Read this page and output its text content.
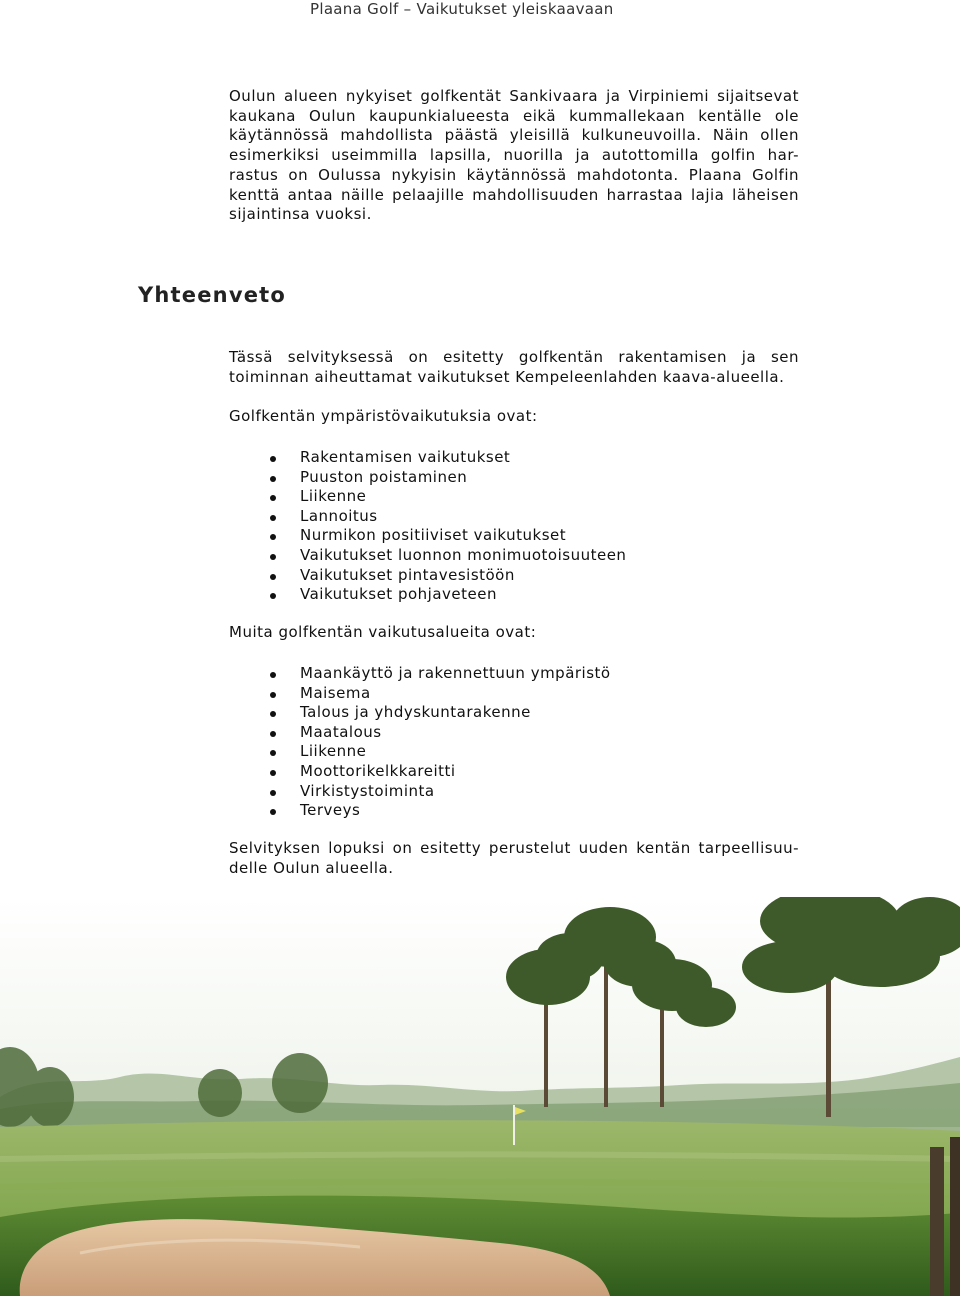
Plaana Golf – Vaikutukset yleiskaavaan

Oulun alueen nykyiset golfkentät Sankivaara ja Virpiniemi sijaitsevat kaukana Oulun kaupunkialueesta eikä kummallekaan kentälle ole käytännössä mahdollista päästä yleisillä kulkuneuvoilla. Näin ollen esimerkiksi useimmilla lapsilla, nuorilla ja autottomilla golfin har-rastus on Oulussa nykyisin käytännössä mahdotonta. Plaana Golfin kenttä antaa näille pelaajille mahdollisuuden harrastaa lajia läheisen sijaintinsa vuoksi.

Yhteenveto

Tässä selvityksessä on esitetty golfkentän rakentamisen ja sen toiminnan aiheuttamat vaikutukset Kempeleenlahden kaava-alueella.

Golfkentän ympäristövaikutuksia ovat:

Rakentamisen vaikutukset
Puuston poistaminen
Liikenne
Lannoitus
Nurmikon positiiviset vaikutukset
Vaikutukset luonnon monimuotoisuuteen
Vaikutukset pintavesistöön
Vaikutukset pohjaveteen

Muita golfkentän vaikutusalueita ovat:

Maankäyttö ja rakennettuun ympäristö
Maisema
Talous ja yhdyskuntarakenne
Maatalous
Liikenne
Moottorikelkkareitti
Virkistystoiminta
Terveys

Selvityksen lopuksi on esitetty perustelut uuden kentän tarpeellisuu-delle Oulun alueella.
